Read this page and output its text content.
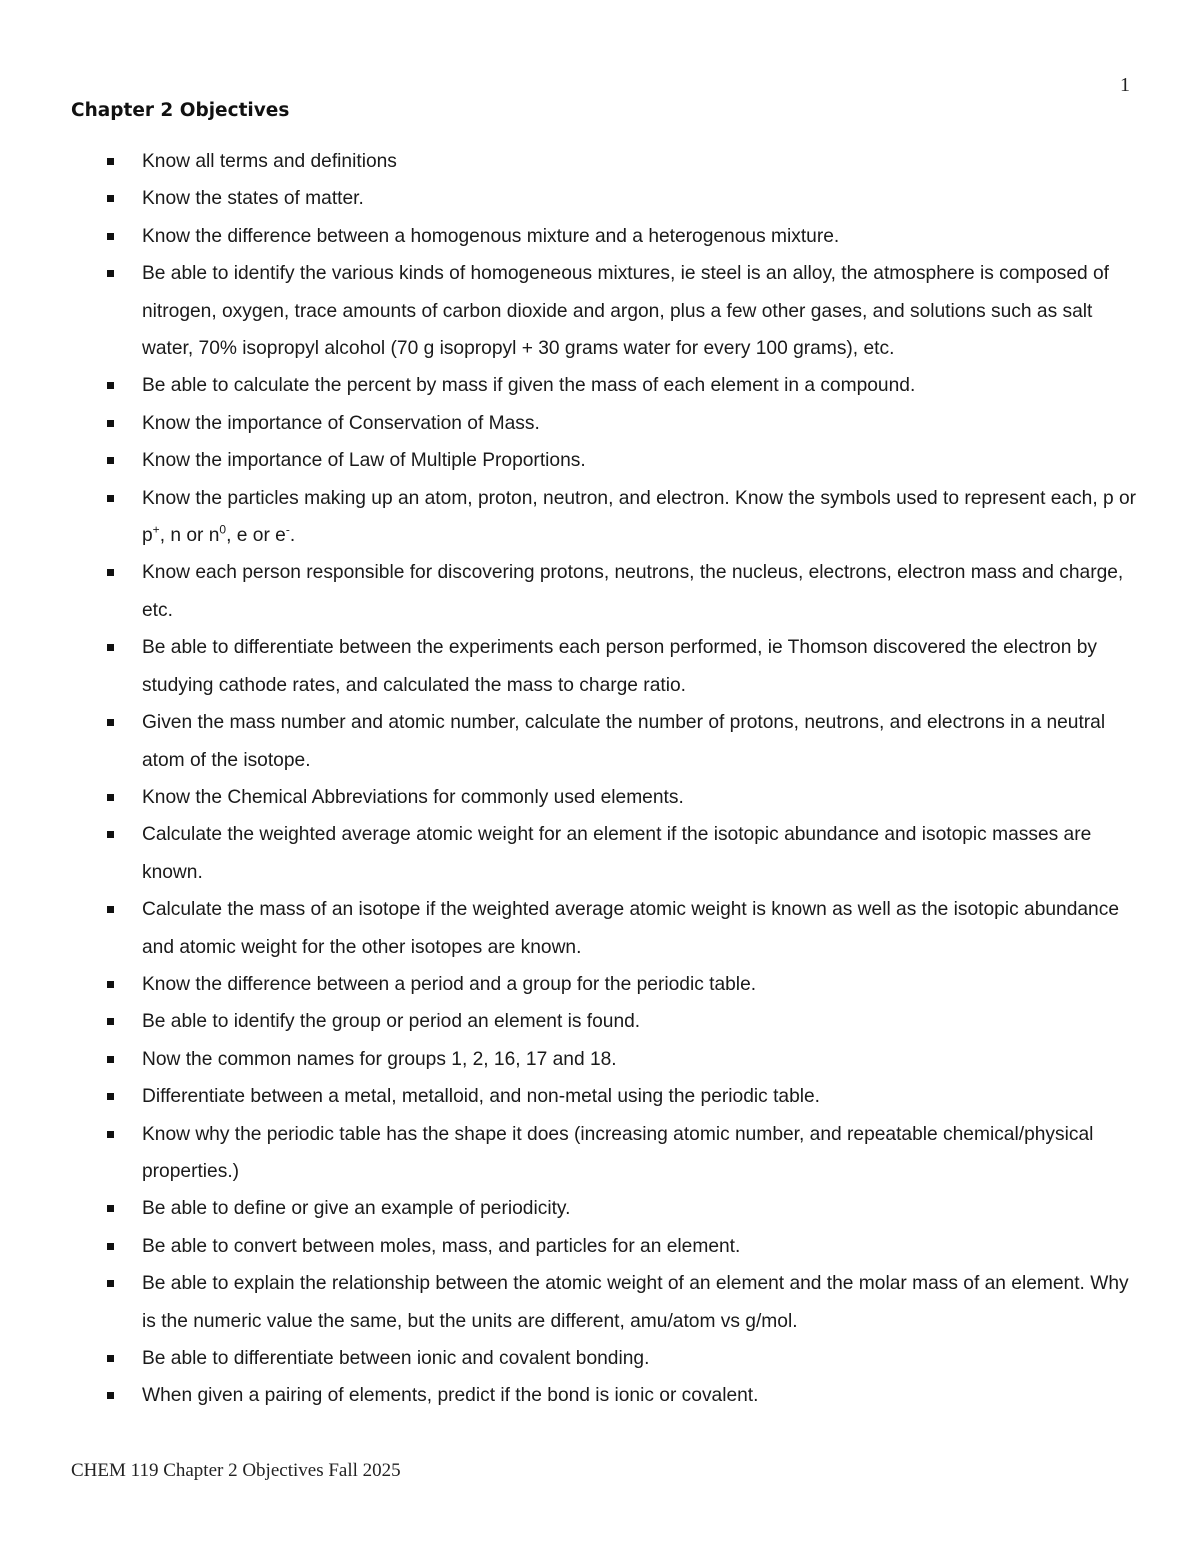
1
Chapter 2 Objectives
Know all terms and definitions
Know the states of matter.
Know the difference between a homogenous mixture and a heterogenous mixture.
Be able to identify the various kinds of homogeneous mixtures, ie steel is an alloy, the atmosphere is composed of nitrogen, oxygen, trace amounts of carbon dioxide and argon, plus a few other gases, and solutions such as salt water, 70% isopropyl alcohol (70 g isopropyl + 30 grams water for every 100 grams), etc.
Be able to calculate the percent by mass if given the mass of each element in a compound.
Know the importance of Conservation of Mass.
Know the importance of Law of Multiple Proportions.
Know the particles making up an atom, proton, neutron, and electron. Know the symbols used to represent each, p or p+, n or $n^0$, e or e-.
Know each person responsible for discovering protons, neutrons, the nucleus, electrons, electron mass and charge, etc.
Be able to differentiate between the experiments each person performed, ie Thomson discovered the electron by studying cathode rates, and calculated the mass to charge ratio.
Given the mass number and atomic number, calculate the number of protons, neutrons, and electrons in a neutral atom of the isotope.
Know the Chemical Abbreviations for commonly used elements.
Calculate the weighted average atomic weight for an element if the isotopic abundance and isotopic masses are known.
Calculate the mass of an isotope if the weighted average atomic weight is known as well as the isotopic abundance and atomic weight for the other isotopes are known.
Know the difference between a period and a group for the periodic table.
Be able to identify the group or period an element is found.
Now the common names for groups 1, 2, 16, 17 and 18.
Differentiate between a metal, metalloid, and non-metal using the periodic table.
Know why the periodic table has the shape it does (increasing atomic number, and repeatable chemical/physical properties.)
Be able to define or give an example of periodicity.
Be able to convert between moles, mass, and particles for an element.
Be able to explain the relationship between the atomic weight of an element and the molar mass of an element. Why is the numeric value the same, but the units are different, amu/atom vs g/mol.
Be able to differentiate between ionic and covalent bonding.
When given a pairing of elements, predict if the bond is ionic or covalent.
CHEM 119 Chapter 2 Objectives Fall 2025
